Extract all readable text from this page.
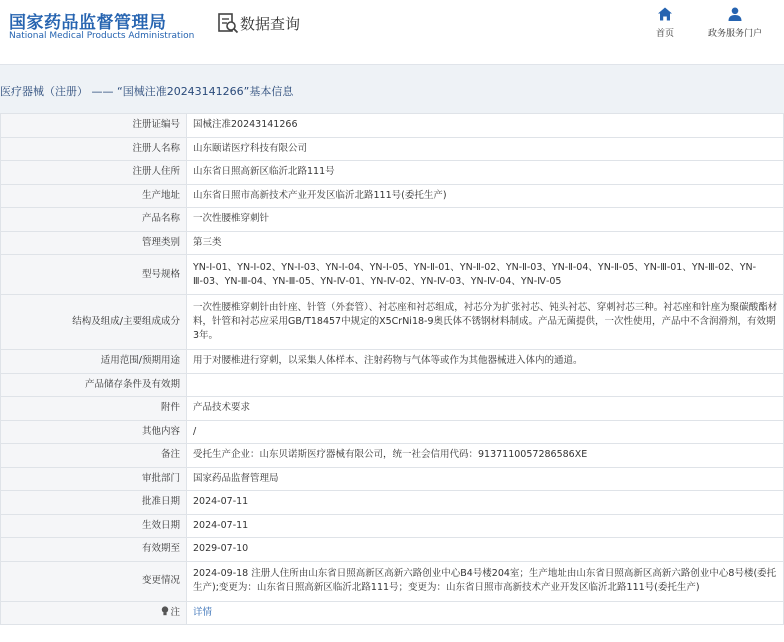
国家药品监督管理局
National Medical Products Administration
数据查询
首页	政务服务门户
医疗器械（注册） —— “国械注准20243141266”基本信息
注册证编号	国械注准20243141266
注册人名称	山东颐诺医疗科技有限公司
注册人住所	山东省日照高新区临沂北路111号
生产地址	山东省日照市高新技术产业开发区临沂北路111号(委托生产)
产品名称	一次性腰椎穿刺针
管理类别	第三类
型号规格	YN-Ⅰ-01、YN-Ⅰ-02、YN-Ⅰ-03、YN-Ⅰ-04、YN-Ⅰ-05、YN-Ⅱ-01、YN-Ⅱ-02、YN-Ⅱ-03、YN-Ⅱ-04、YN-Ⅱ-05、YN-Ⅲ-01、YN-Ⅲ-02、YN-Ⅲ-03、YN-Ⅲ-04、YN-Ⅲ-05、YN-Ⅳ-01、YN-Ⅳ-02、YN-Ⅳ-03、YN-Ⅳ-04、YN-Ⅳ-05
结构及组成/主要组成成分	一次性腰椎穿刺针由针座、针管（外套管）、衬芯座和衬芯组成，衬芯分为扩张衬芯、钝头衬芯、穿刺衬芯三种。衬芯座和针座为聚碳酸酯材料，针管和衬芯应采用GB/T18457中规定的X5CrNi18-9奥氏体不锈钢材料制成。产品无菌提供，一次性使用，产品中不含润滑剂，有效期3年。
适用范围/预期用途	用于对腰椎进行穿刺，以采集人体样本、注射药物与气体等或作为其他器械进入体内的通道。
产品储存条件及有效期	
附件	产品技术要求
其他内容	/
备注	受托生产企业：山东贝诺斯医疗器械有限公司，统一社会信用代码：9137110057286586XE
审批部门	国家药品监督管理局
批准日期	2024-07-11
生效日期	2024-07-11
有效期至	2029-07-10
变更情况	2024-09-18 注册人住所由山东省日照高新区高新六路创业中心B4号楼204室；生产地址由山东省日照高新区高新六路创业中心8号楼(委托生产);变更为：山东省日照高新区临沂北路111号；变更为：山东省日照市高新技术产业开发区临沂北路111号(委托生产)
注	详情
